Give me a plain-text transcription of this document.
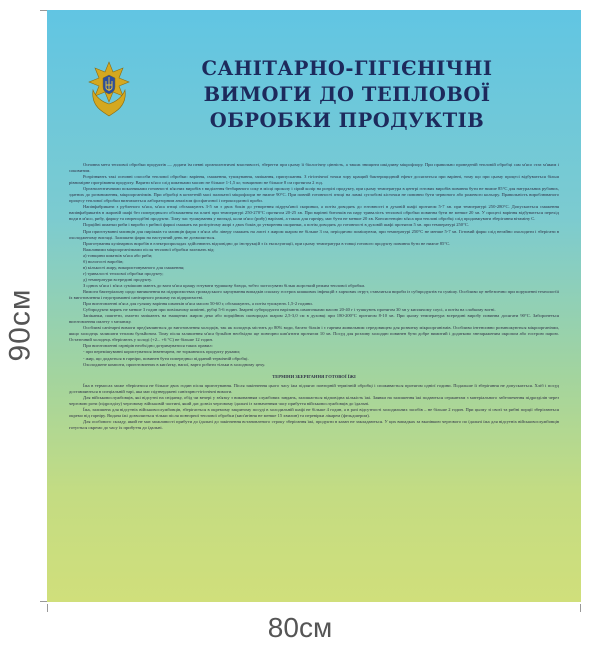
90см
САНІТАРНО-ГІГІЄНІЧНІ
ВИМОГИ ДО ТЕПЛОВОЇ
ОБРОБКИ ПРОДУКТІВ

Основна мета теплової обробки продуктів — додати їм певні органолептичні властивості, зберегти при цьому її біологічну цінність, а також знищити шкідливу мікрофлору. При правильно проведеній тепловій обробці сам м'ясо стає м'яким і соковитим.

Розрізняють такі основні способи теплової обробки: варіння, смаження, тушкування, запікання, припускання. З гігієнічної точки зору кращий бактерицидний ефект досягається при варінні, тому що при цьому процесі відбувається більш рівномірне прогрівання продукту. Варити м'ясо слід шматками масою не більше 1-1,5 кг, товщиною не більше 8 см протягом 2 год.

Органолептичними показниками готовності м'ясних виробів є виділення безбарвного соку в місці проколу і сірий колір на розрізі продукту, при цьому температура в центрі готових виробів повинна бути не нижче 85°С для натуральних рубаних, здатних до розмноження, мікроорганізмів. При обробці в котлетній масі пальчатої мікрофлори не нижче 90°С. При повній готовності птиці на ламкі суглобові кісточки не повинно бути червоного або рожевого кольору. Правильність вироблюваного процесу теплової обробки визначається лабораторним аналізом фосфатазної і пероксидазної проби.

Напівфабрикати з рубленого м'яса, м'яса птиці обсмажують 3-5 хв з двох боків до утворення підрум'яної скоринки, а потім доводять до готовності в духовій шафі протягом 5-7 хв. при температурі 250-280°С. Допускається смаження напівфабрикатів в жаровій шафі без попереднього обсмаження на плиті при температурі 250-270°С протягом 20-25 хв. При варінні биточків на пару тривалість теплової обробки повинна бути не менше 20 хв. У процесі варіння відбувається перехід води в м'ясо, рибу, фаршу та пюреподібні продукти. Тому час тушкування у вигляді, коли м'ясо (рибу) нарізані, а також для гарніру, має бути не менше 20 хв. Консистенцію м'яса при теплові обробці слід продовжувати зберігання вітаміну С.

Порційні шматки риби і вироби з рибної фарші смажать на розігрітому жирі з двох боків до утворення скоринки, а потім доводять до готовності в духовій шафі протягом 5 хв. при температурі 250°С.

При приготуванні млинців для пиріжків та млинців фарш з м'яса або ліверу смажать на листі з жиром шаром не більше 3 см, періодично помішуючи, при температурі 250°С не менше 5-7 хв. Готовий фарш слід негайно охолодити і зберігати в охолодженому вигляді. Залишати фарш на наступний день не дозволяється.

Приготування кулінарних виробів в електроприладах здійснюють відповідно до інструкцій з їх експлуатації, при цьому температура в товщі готового продукту повинна бути не нижче 85°С.

Важливими мікроорганізмами після теплової обробки залежать від:

а) товщини шматків м'яса або риби;

б) вологості виробів;

в) кількості жиру, використовуваного для смаження;

г) тривалості теплової обробки продукту;

д) температури всередині продукту.

З одних м'яса і м'яса сумішшю мають до ваги м'яса кращу готувати туршкову блюда, тобто застосувати більш жорсткий режим теплової обробки.

Вимоги бактеріальну щодо виникнення на підприємствах громадського харчування випадків спалаху гострих кишкових інфекцій з харчових отрут, ставляться вироби із субпродуктів та сумішу. Особливо це небезпечно при порушенні технологіїі їх виготовлення і недотриманні санітарного режиму на підприємстві.

При виготовленні м'яса для гуляшу варіння шматків м'яса масою 50-60 г, обсмажують, а потім тушкують 1,5-2 години.

Субпродукти варять не менше 3 годин при повільному кипінні, рубці 5-6 годин. Зварені субпродукти нарізають шматочками масою 20-40 г і тушкують протягом 30 хв у киплячому соусі, а потім на слабкому вогні.

Запіканки, паштети, омлети запікають на змащених жиром деко або порційних сковородах шаром 2,5-3,0 см в духовці при 180-200°С протягом 8-10 хв. При цьому температура всередині виробу повинна досягати 90°С. Заборонеться виготовлення омлету з меланжу.

Особливі санітарні вимоги пред'являються до виготовлення холодців, так як холодець містить до 80% води, багато білків і є гарним живильним середовищем для розвитку мікроорганізмів. Особливо інтенсивно розмножуються мікроорганізми, якщо холодець залишати теплим бульйоном. Тому після залишення м'яса бульйон необхідно ще повторно кип'ятити протягом 10 хв. Посуд для розливу холодцю повинен бути добре вимитий і додатково знезараженим окропом або гострою парою. Остаточний холодець зберігають у холоді (+2... +6 °С) не більше 12 годин.

При виготовленні гарнірів необхідно дотримуватися таких правил:

- при перемішуванні користуватися інвентарем, не торкаючись продукту руками;

- жир, що додається в гарніри, повинен бути попередньо підданий термічній обробці.

Охолоджене компоти, приготовлених в кип'ятку, напої, варто робити тільки в холодному цеху.

ТЕРМІНИ ЗБЕРІГАННЯ ГОТОВОЇ ЇЖІ

Їжа в термосах може зберігатися не більше двох годин після приготування. Після закінчення цього часу їжа підлягає повторній термічній обробці і споживається протягом однієї години. Подальше її зберігання не допускається. Хліб і посуд доставляються в спеціальній тарі, яка має підтверджені санітарно-гігієнічні вимоги.

Для військовослужбовців, які відсутні на сніданку, обід чи вечері у зв'язку з виконанням службових завдань, залишається відповідна кількість їжі. Заявки на залишення їжі подаються сержантам з матеріального забезпечення підрозділів через черговою роти (підрозділу) черговому військовій частині, який дає дозвіл черговому їдальні із зазначенням часу прибуття військовослужбовців до їдальні.

Їжа, залишена для відсутніх військовослужбовців, зберігається в окремому закритому посуді в холодильній шафі не більше 4 годин, а в разі відсутності холодильних засобів – не більше 2 годин. При цьому зі своєї та рибні порції зберігаються окремо від гарніру. Видача їжі дозволяється тільки після повторної теплової обробки (кип'ятіння не менше 15 хвилин) та перевірки лікарем (фельдшером).

Для особового складу, який не має можливості прибути до їдальні до закінчення встановленого строку зберігання їжі, продукти в казан не закладаються. У цих випадках за вказівкою чергового по їдальні їжа для відсутніх військовослужбовців готується окремо до часу їх прибуття до їдальні.

80см
